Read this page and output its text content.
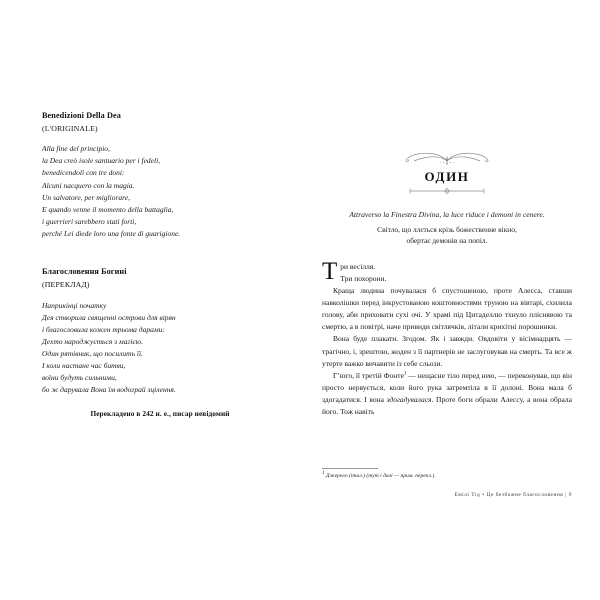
Benedizioni Della Dea
(L'ORIGINALE)
Alla fine del principio,
la Dea creò isole santuario per i fedeli,
benedicendoli con tre doni:
Alcuni nacquero con la magia.
Un salvatore, per migliorare,
E quando venne il momento della battaglia,
i guerrieri sarebbero stati forti,
perché Lei diede loro una fonte di guarigione.
Благословення Богині
(ПЕРЕКЛАД)
Наприкінці початку
Дея створила священні острови для вірян
і благословила кожен трьома дарами:
Дехто народжується з магією.
Один рятівник, що посилить її.
І коли настане час битви,
воїни будуть сильними,
бо ж дарувала Вона їм водограй зцілення.
Перекладено в 242 н. е., писар невідомий
ОДИН

Attraverso la Finestra Divina, la luce riduce i demoni in cenere.

Світло, що ллється крізь божественне вікно,
обертає демонів на попіл.

Три весілля.
Три похорони.

Краща людина почувалася б спустошеною, проте Алесса, ставши навколішки перед інкрустованою коштовностями труною на вівтарі, схилила голову, аби приховати сухі очі. У храмі під Цитаделлю тхнуло пліснявою та смертю, а в повітрі, наче привиди світлячків, літали крихітні порошинки.

Вона буде плакати. Згодом. Як і завжди. Овдовіти у вісімнадцять — трагічно, і, зрештою, жоден з її партнерів не заслуговував на смерть. Та все ж утерте важко вичавити із себе сльози.

Г’юго, її третій Фонте$^1$ — нещасне тіло перед нею, — переконував, що він просто нервується, коли його рука затремтіла в її долоні. Вона мала б здогадатися. І вона здогадувалася. Проте боги обрали Алессу, а вона обрала його. Тож навіть

$^1$ Джерело (італ.) (тут і далі — прим. перекл.).

Емілі Тід • Це безбожне благословення | 9
